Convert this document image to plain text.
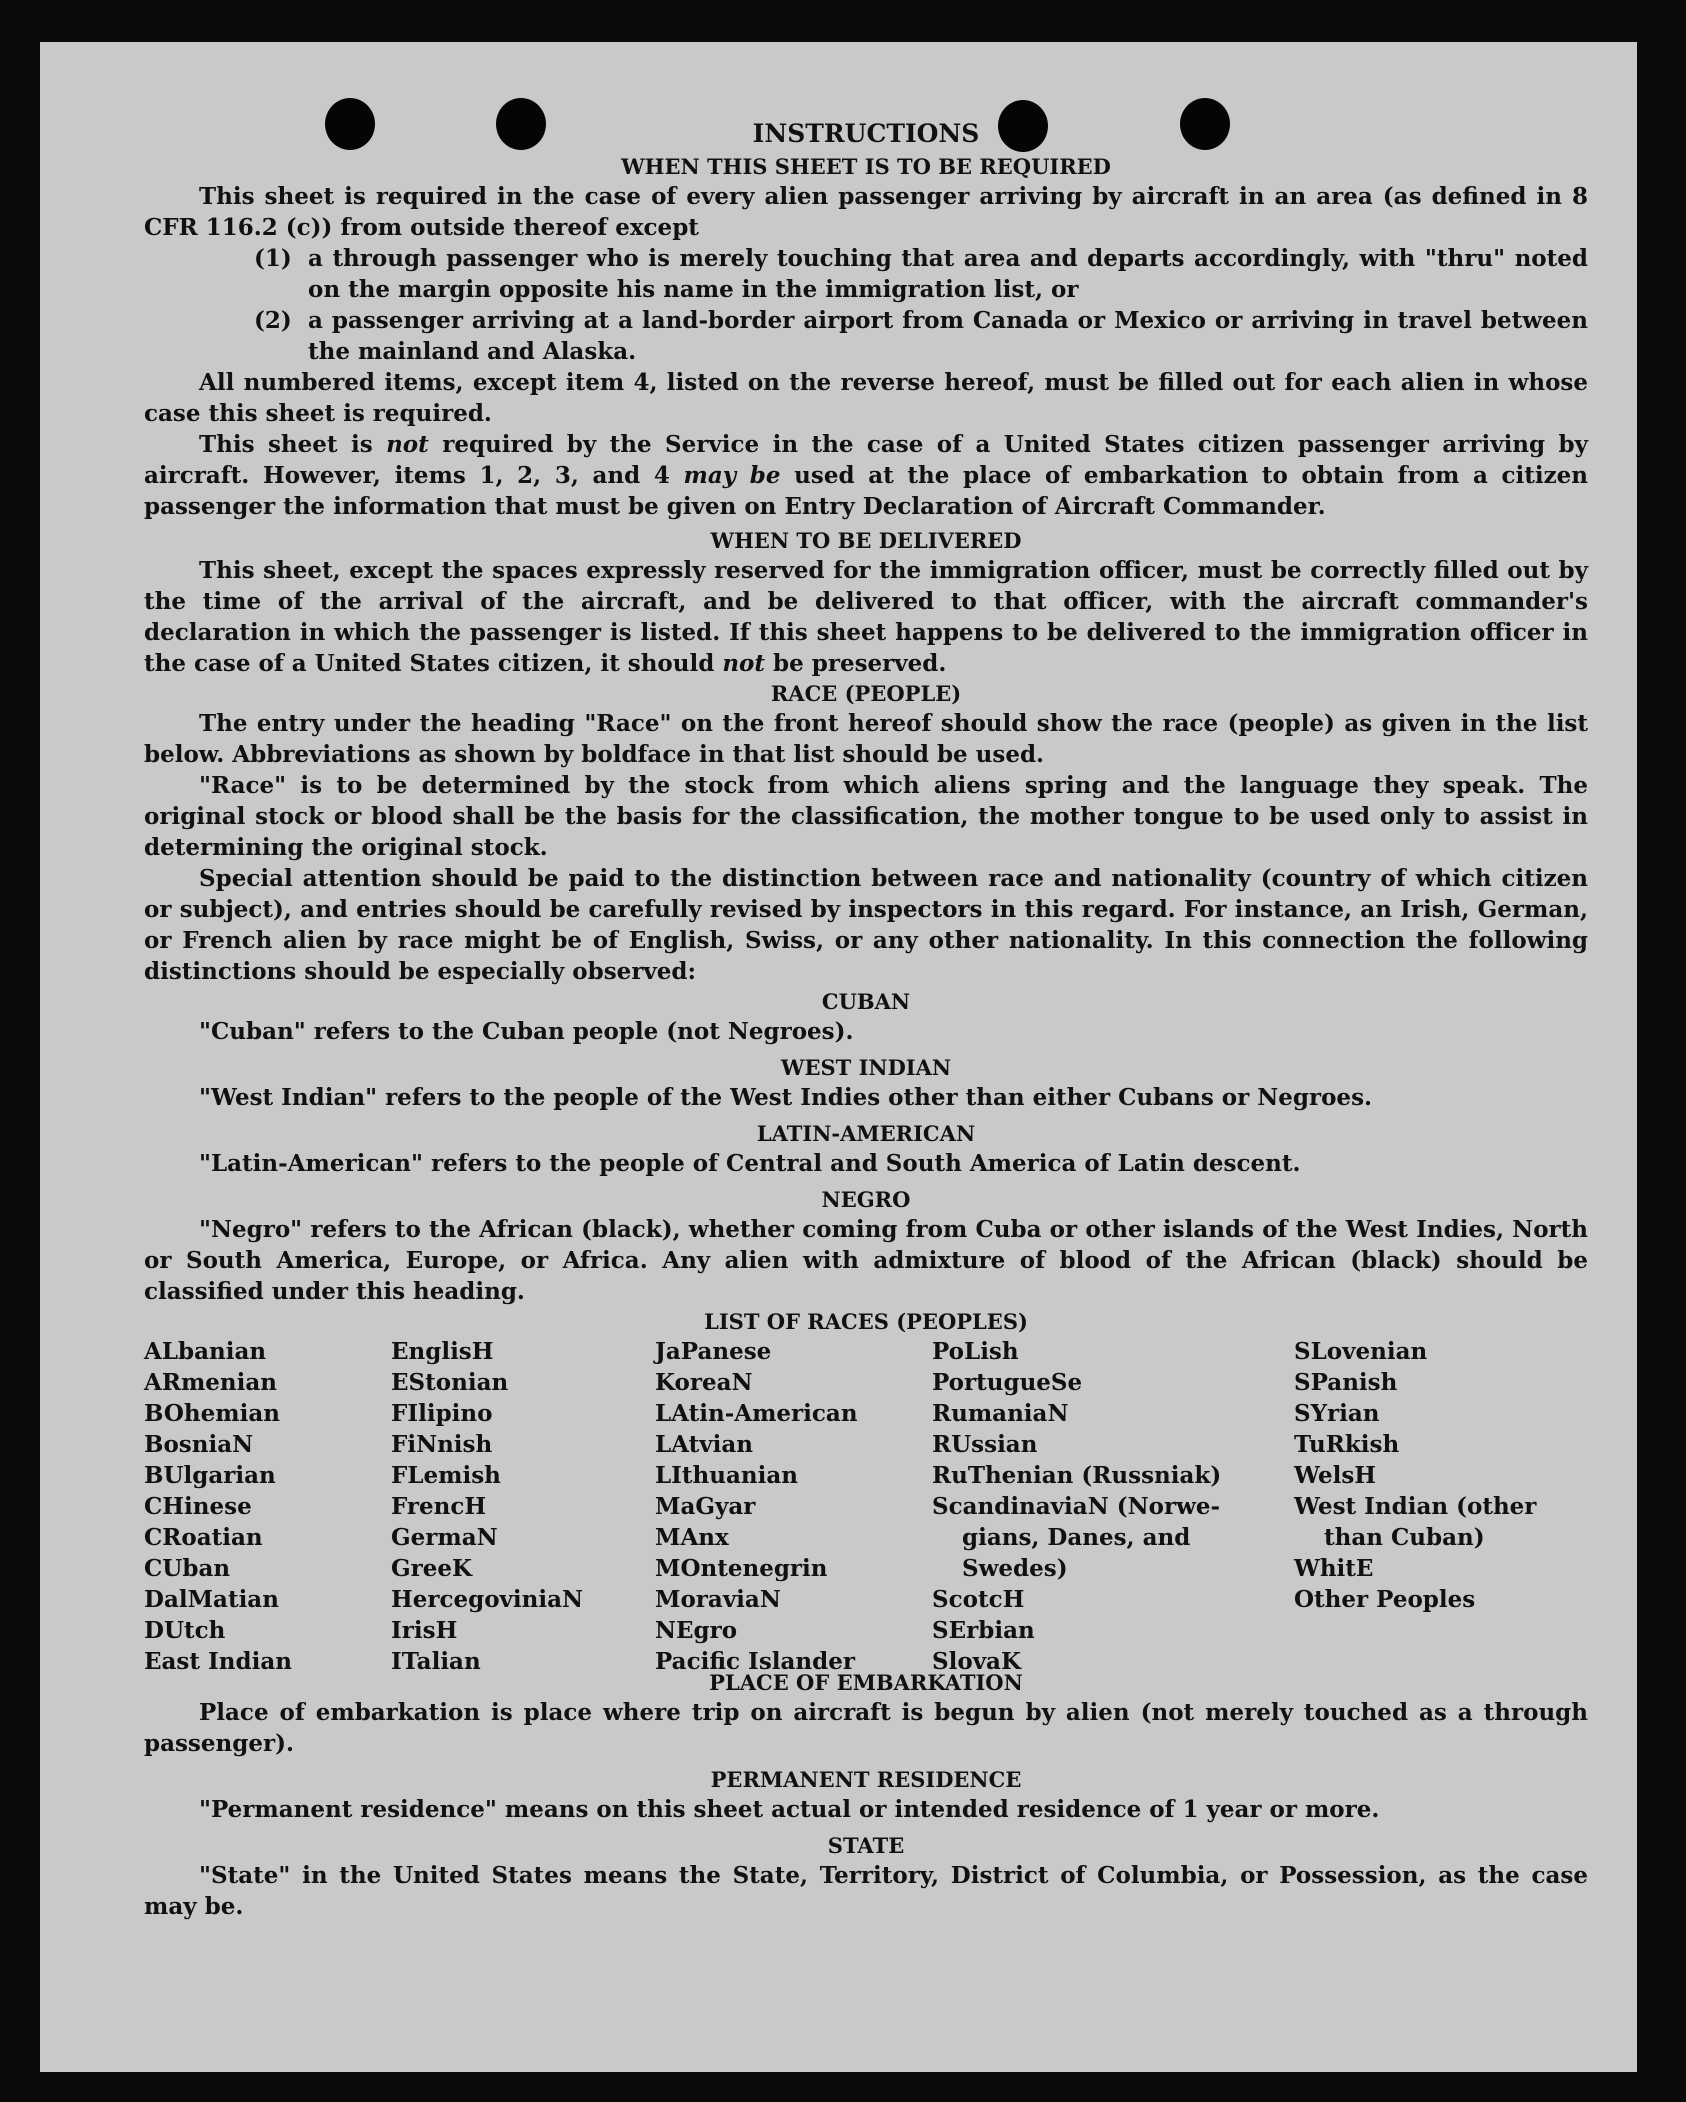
INSTRUCTIONS
WHEN THIS SHEET IS TO BE REQUIRED

This sheet is required in the case of every alien passenger arriving by aircraft in an area (as defined in 8 CFR 116.2 (c)) from outside thereof except

(1) a through passenger who is merely touching that area and departs accordingly, with "thru" noted on the margin opposite his name in the immigration list, or
(2) a passenger arriving at a land-border airport from Canada or Mexico or arriving in travel between the mainland and Alaska.

All numbered items, except item 4, listed on the reverse hereof, must be filled out for each alien in whose case this sheet is required.

This sheet is not required by the Service in the case of a United States citizen passenger arriving by aircraft. However, items 1, 2, 3, and 4 may be used at the place of embarkation to obtain from a citizen passenger the information that must be given on Entry Declaration of Aircraft Commander.

WHEN TO BE DELIVERED

This sheet, except the spaces expressly reserved for the immigration officer, must be correctly filled out by the time of the arrival of the aircraft, and be delivered to that officer, with the aircraft commander's declaration in which the passenger is listed. If this sheet happens to be delivered to the immigration officer in the case of a United States citizen, it should not be preserved.

RACE (PEOPLE)

The entry under the heading "Race" on the front hereof should show the race (people) as given in the list below. Abbreviations as shown by boldface in that list should be used.

"Race" is to be determined by the stock from which aliens spring and the language they speak. The original stock or blood shall be the basis for the classification, the mother tongue to be used only to assist in determining the original stock.

Special attention should be paid to the distinction between race and nationality (country of which citizen or subject), and entries should be carefully revised by inspectors in this regard. For instance, an Irish, German, or French alien by race might be of English, Swiss, or any other nationality. In this connection the following distinctions should be especially observed:

CUBAN
"Cuban" refers to the Cuban people (not Negroes).
WEST INDIAN
"West Indian" refers to the people of the West Indies other than either Cubans or Negroes.
LATIN-AMERICAN
"Latin-American" refers to the people of Central and South America of Latin descent.
NEGRO

"Negro" refers to the African (black), whether coming from Cuba or other islands of the West Indies, North or South America, Europe, or Africa. Any alien with admixture of blood of the African (black) should be classified under this heading.

LIST OF RACES (PEOPLES)
ALbanian
ARmenian
BOhemian
BosniaN
BUlgarian
CHinese
CRoatian
CUban
DalMatian
DUtch
East Indian
EnglisH
EStonian
FIlipino
FiNnish
FLemish
FrencH
GermaN
GreeK
HercegoviniaN
IrisH
ITalian
JaPanese
KoreaN
LAtin-American
LAtvian
LIthuanian
MaGyar
MAnx
MOntenegrin
MoraviaN
NEgro
Pacific Islander
PoLish
PortugueSe
RumaniaN
RUssian
RuThenian (Russniak)
ScandinaviaN (Norwe-
gians, Danes, and
Swedes)
ScotcH
SErbian
SlovaK
SLovenian
SPanish
SYrian
TuRkish
WelsH
West Indian (other
than Cuban)
WhitE
Other Peoples
PLACE OF EMBARKATION

Place of embarkation is place where trip on aircraft is begun by alien (not merely touched as a through passenger).

PERMANENT RESIDENCE
"Permanent residence" means on this sheet actual or intended residence of 1 year or more.
STATE

"State" in the United States means the State, Territory, District of Columbia, or Possession, as the case may be.
